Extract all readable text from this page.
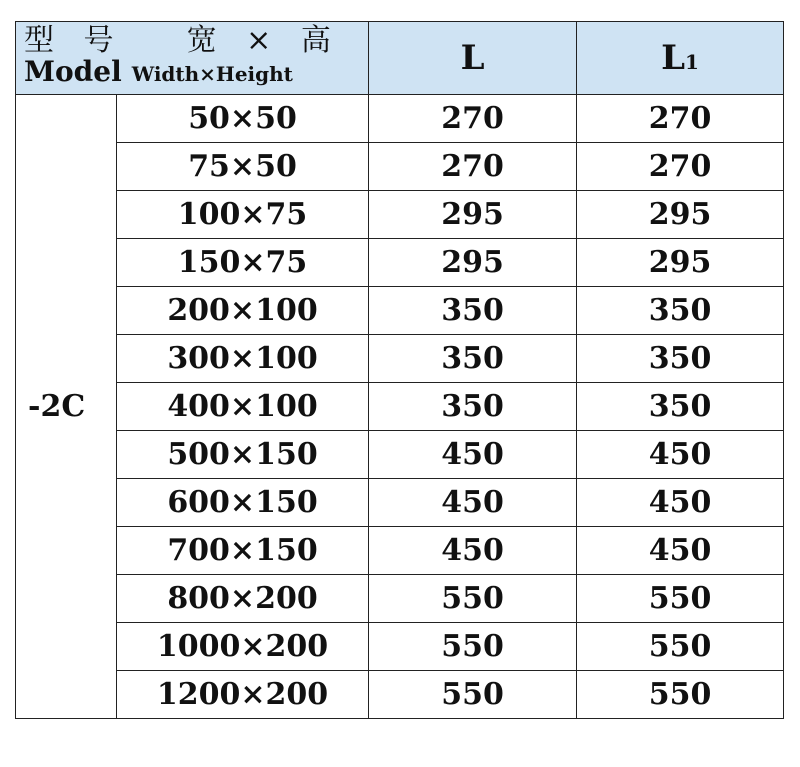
型 号 宽 × 高
Model Width×Height		L	L1
-2C	50×50	270	270
	75×50	270	270
	100×75	295	295
	150×75	295	295
	200×100	350	350
	300×100	350	350
	400×100	350	350
	500×150	450	450
	600×150	450	450
	700×150	450	450
	800×200	550	550
	1000×200	550	550
	1200×200	550	550
